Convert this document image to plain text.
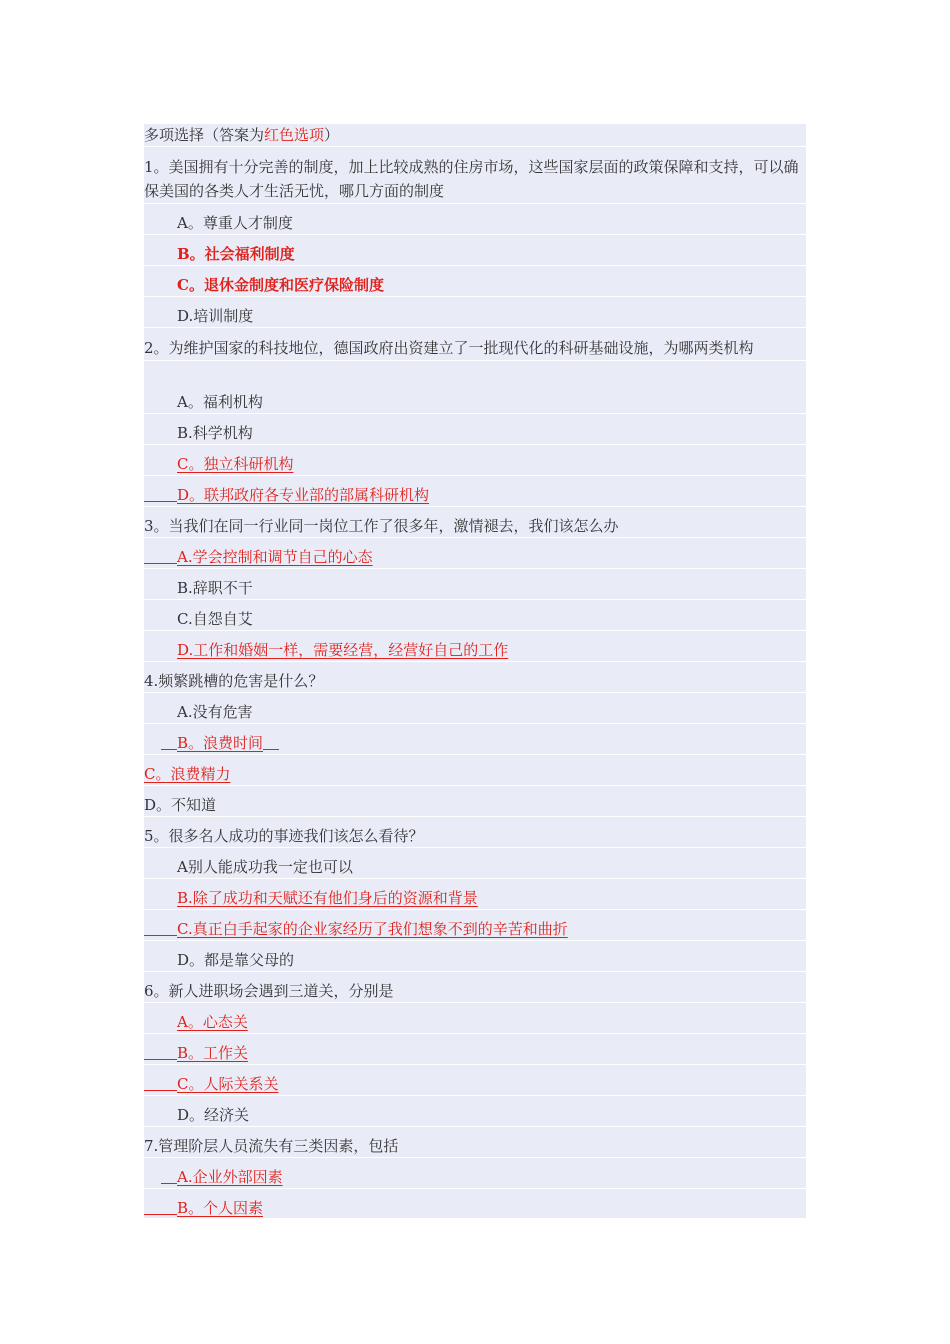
多项选择（答案为红色选项）
1。美国拥有十分完善的制度，加上比较成熟的住房市场，这些国家层面的政策保障和支持，可以确保美国的各类人才生活无忧，哪几方面的制度
A。尊重人才制度
B。社会福利制度
C。退休金制度和医疗保险制度
D.培训制度
2。为维护国家的科技地位，德国政府出资建立了一批现代化的科研基础设施，为哪两类机构
A。福利机构
B.科学机构
C。独立科研机构
D。联邦政府各专业部的部属科研机构
3。当我们在同一行业同一岗位工作了很多年，激情褪去，我们该怎么办
A.学会控制和调节自己的心态
B.辞职不干
C.自怨自艾
D.工作和婚姻一样，需要经营，经营好自己的工作
4.频繁跳槽的危害是什么？
A.没有危害
B。浪费时间
C。浪费精力
D。不知道
5。很多名人成功的事迹我们该怎么看待？
A别人能成功我一定也可以
B.除了成功和天赋还有他们身后的资源和背景
C.真正白手起家的企业家经历了我们想象不到的辛苦和曲折
D。都是靠父母的
6。新人进职场会遇到三道关，分别是
A。心态关
B。工作关
C。人际关系关
D。经济关
7.管理阶层人员流失有三类因素，包括
A.企业外部因素
B。个人因素
